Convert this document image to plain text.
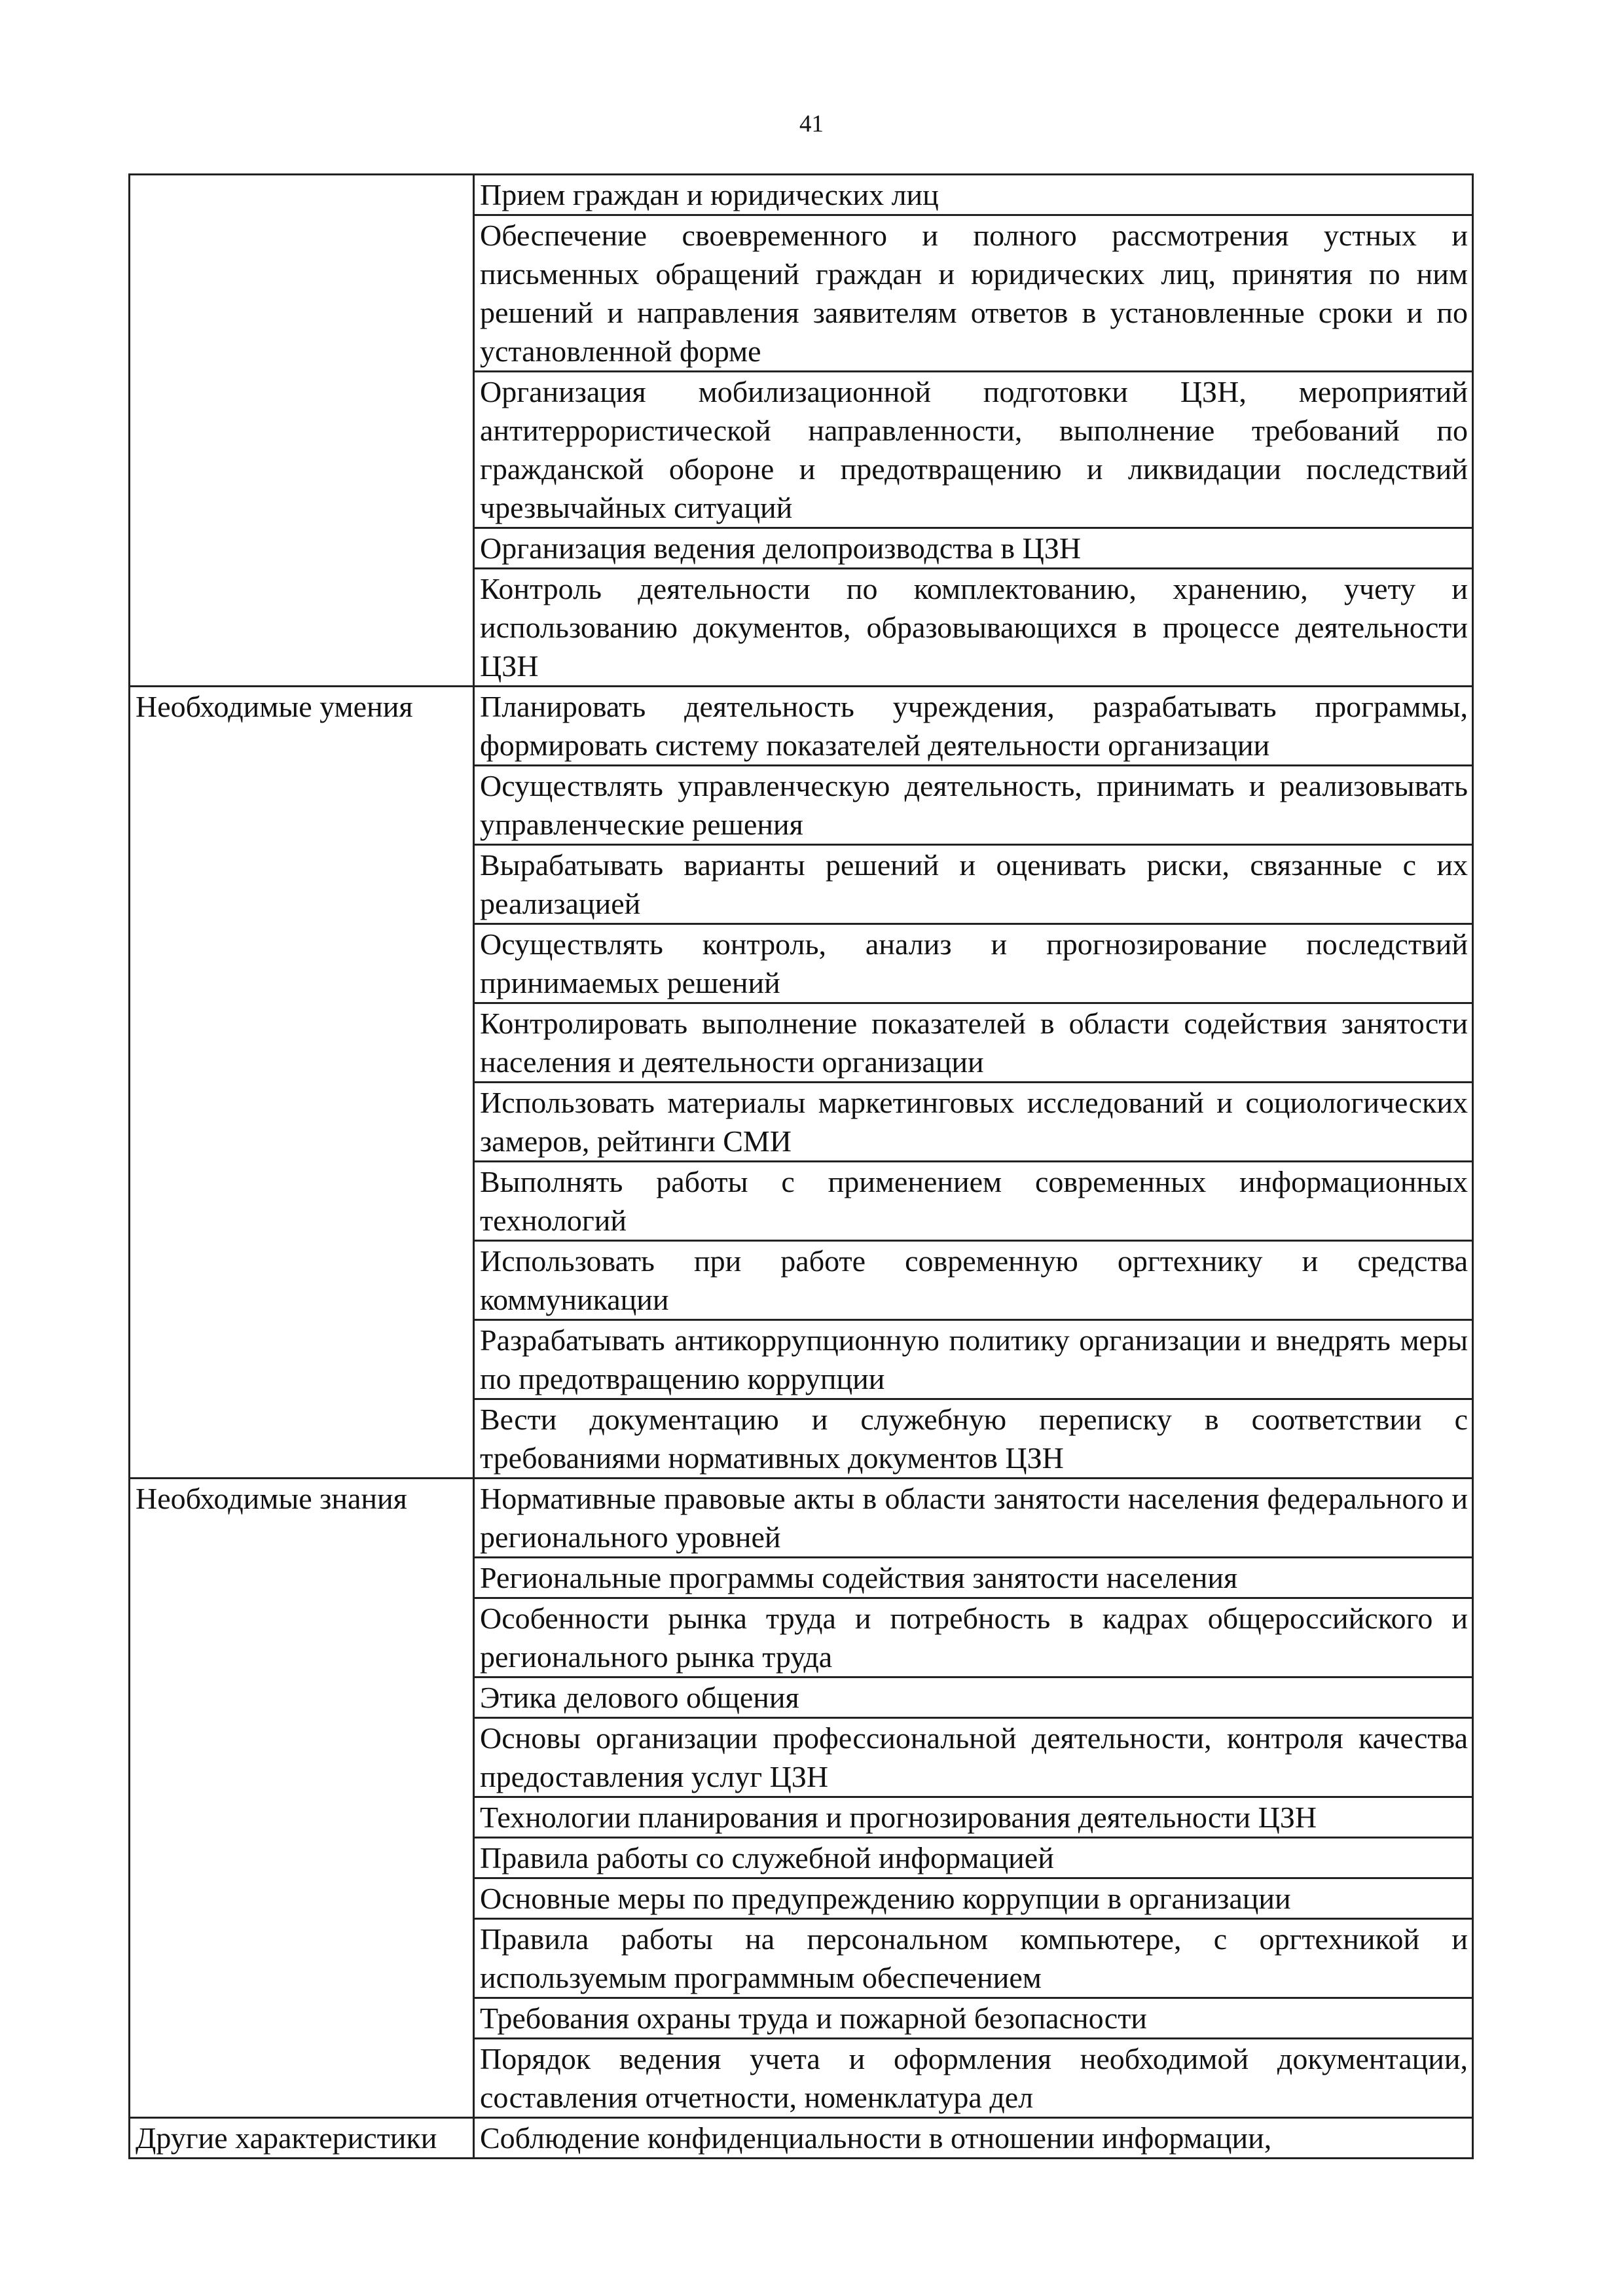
41
	Прием граждан и юридических лиц
	Обеспечение своевременного и полного рассмотрения устных и письменных обращений граждан и юридических лиц, принятия по ним решений и направления заявителям ответов в установленные сроки и по установленной форме
	Организация мобилизационной подготовки ЦЗН, мероприятий антитеррористической направленности, выполнение требований по гражданской обороне и предотвращению и ликвидации последствий чрезвычайных ситуаций
	Организация ведения делопроизводства в ЦЗН
	Контроль деятельности по комплектованию, хранению, учету и использованию документов, образовывающихся в процессе деятельности ЦЗН
Необходимые умения	Планировать деятельность учреждения, разрабатывать программы, формировать систему показателей деятельности организации
	Осуществлять управленческую деятельность, принимать и реализовывать управленческие решения
	Вырабатывать варианты решений и оценивать риски, связанные с их реализацией
	Осуществлять контроль, анализ и прогнозирование последствий принимаемых решений
	Контролировать выполнение показателей в области содействия занятости населения и деятельности организации
	Использовать материалы маркетинговых исследований и социологических замеров, рейтинги СМИ
	Выполнять работы с применением современных информационных технологий
	Использовать при работе современную оргтехнику и средства коммуникации
	Разрабатывать антикоррупционную политику организации и внедрять меры по предотвращению коррупции
	Вести документацию и служебную переписку в соответствии с требованиями нормативных документов ЦЗН
Необходимые знания	Нормативные правовые акты в области занятости населения федерального и регионального уровней
	Региональные программы содействия занятости населения
	Особенности рынка труда и потребность в кадрах общероссийского и регионального рынка труда
	Этика делового общения
	Основы организации профессиональной деятельности, контроля качества предоставления услуг ЦЗН
	Технологии планирования и прогнозирования деятельности ЦЗН
	Правила работы со служебной информацией
	Основные меры по предупреждению коррупции в организации
	Правила работы на персональном компьютере, с оргтехникой и используемым программным обеспечением
	Требования охраны труда и пожарной безопасности
	Порядок ведения учета и оформления необходимой документации, составления отчетности, номенклатура дел
Другие характеристики	Соблюдение конфиденциальности в отношении информации,
